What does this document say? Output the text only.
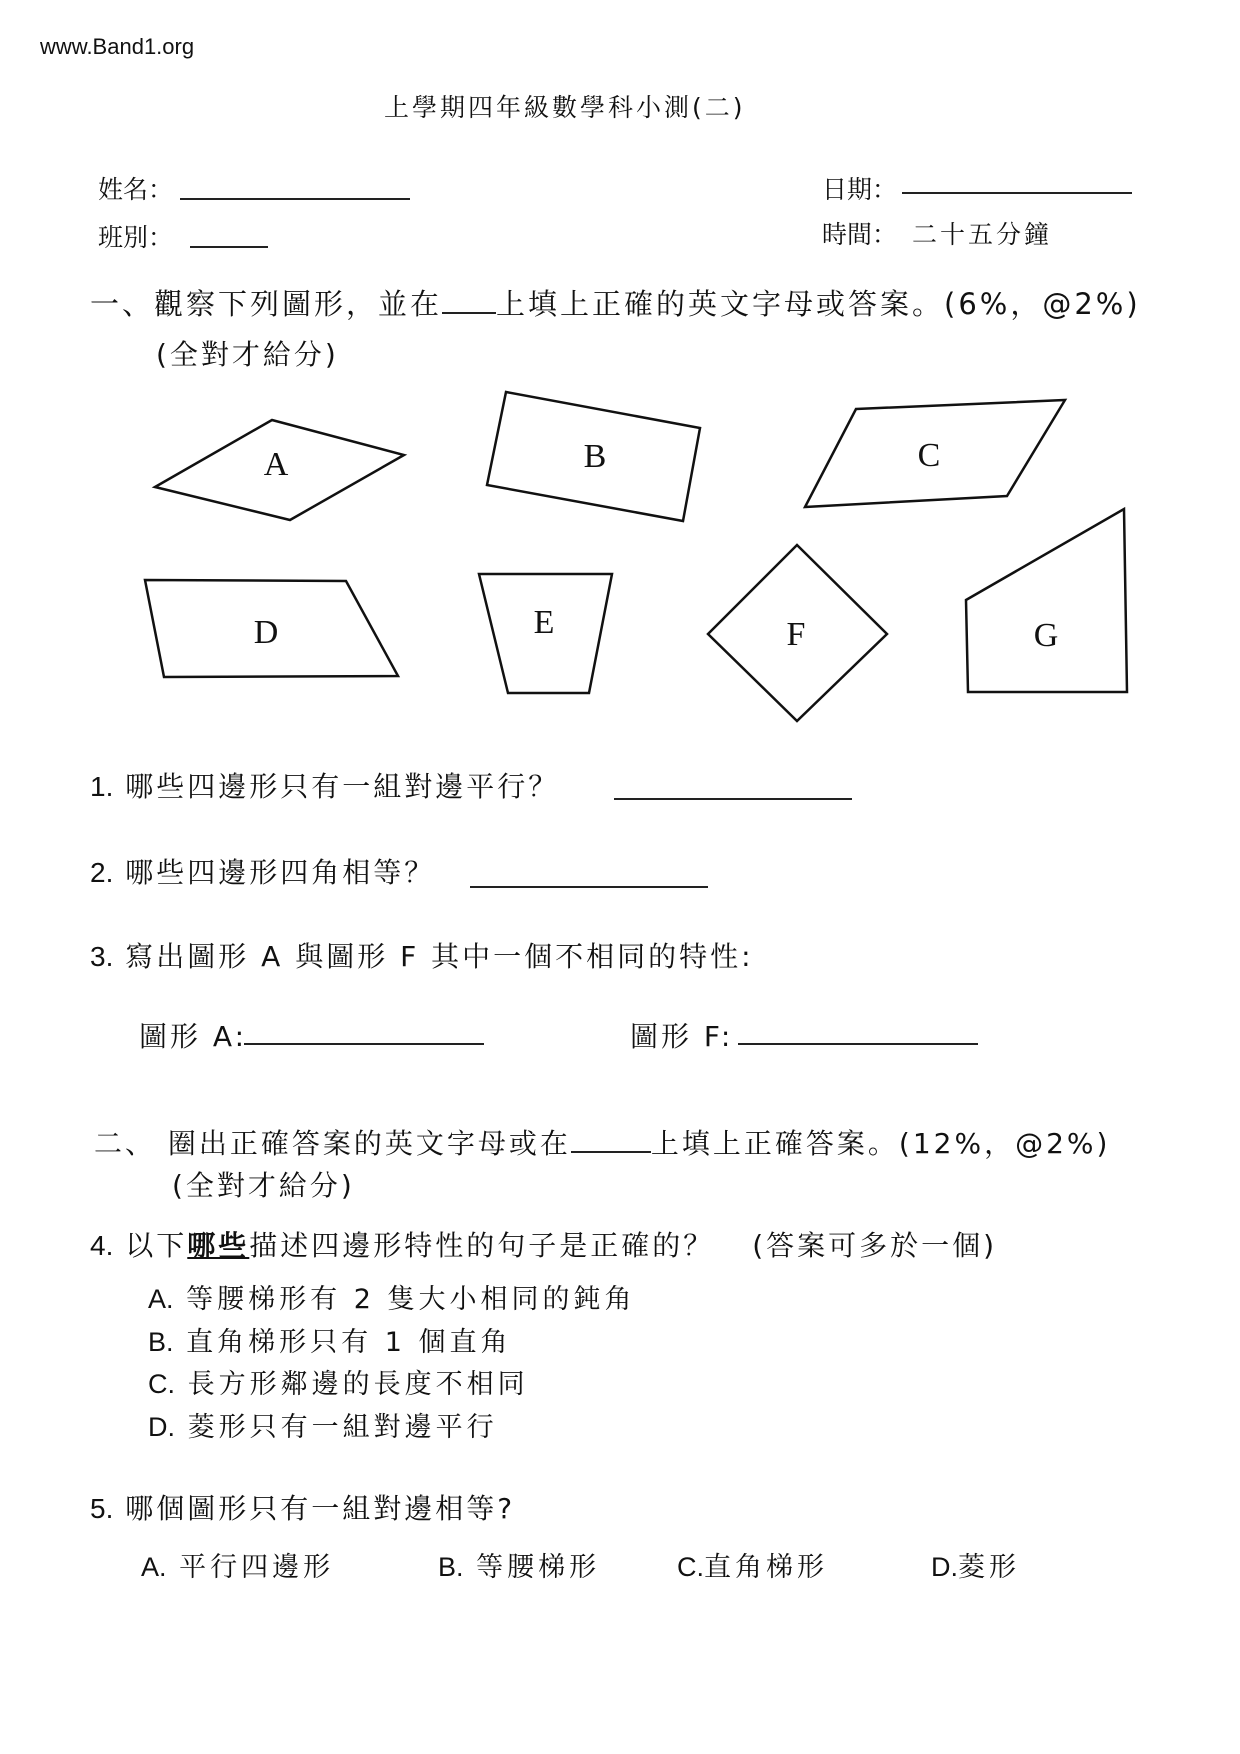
www.Band1.org
上學期四年級數學科小測(二)
姓名：
班別：
日期：
時間： 二十五分鐘
一、觀察下列圖形，並在 上填上正確的英文字母或答案。(6%，@2%)
(全對才給分)
A	B	C
D	E	F	G
1. 哪些四邊形只有一組對邊平行？
2. 哪些四邊形四角相等？
3. 寫出圖形 A 與圖形 F 其中一個不相同的特性:
圖形 A:	圖形 F:
二、 圈出正確答案的英文字母或在	上填上正確答案。(12%，@2%)
(全對才給分)
4. 以下哪些描述四邊形特性的句子是正確的？ (答案可多於一個)
A. 等腰梯形有 2 隻大小相同的鈍角
B. 直角梯形只有 1 個直角
C. 長方形鄰邊的長度不相同
D. 菱形只有一組對邊平行
5. 哪個圖形只有一組對邊相等?
A. 平行四邊形	B. 等腰梯形	C.直角梯形	D.菱形
